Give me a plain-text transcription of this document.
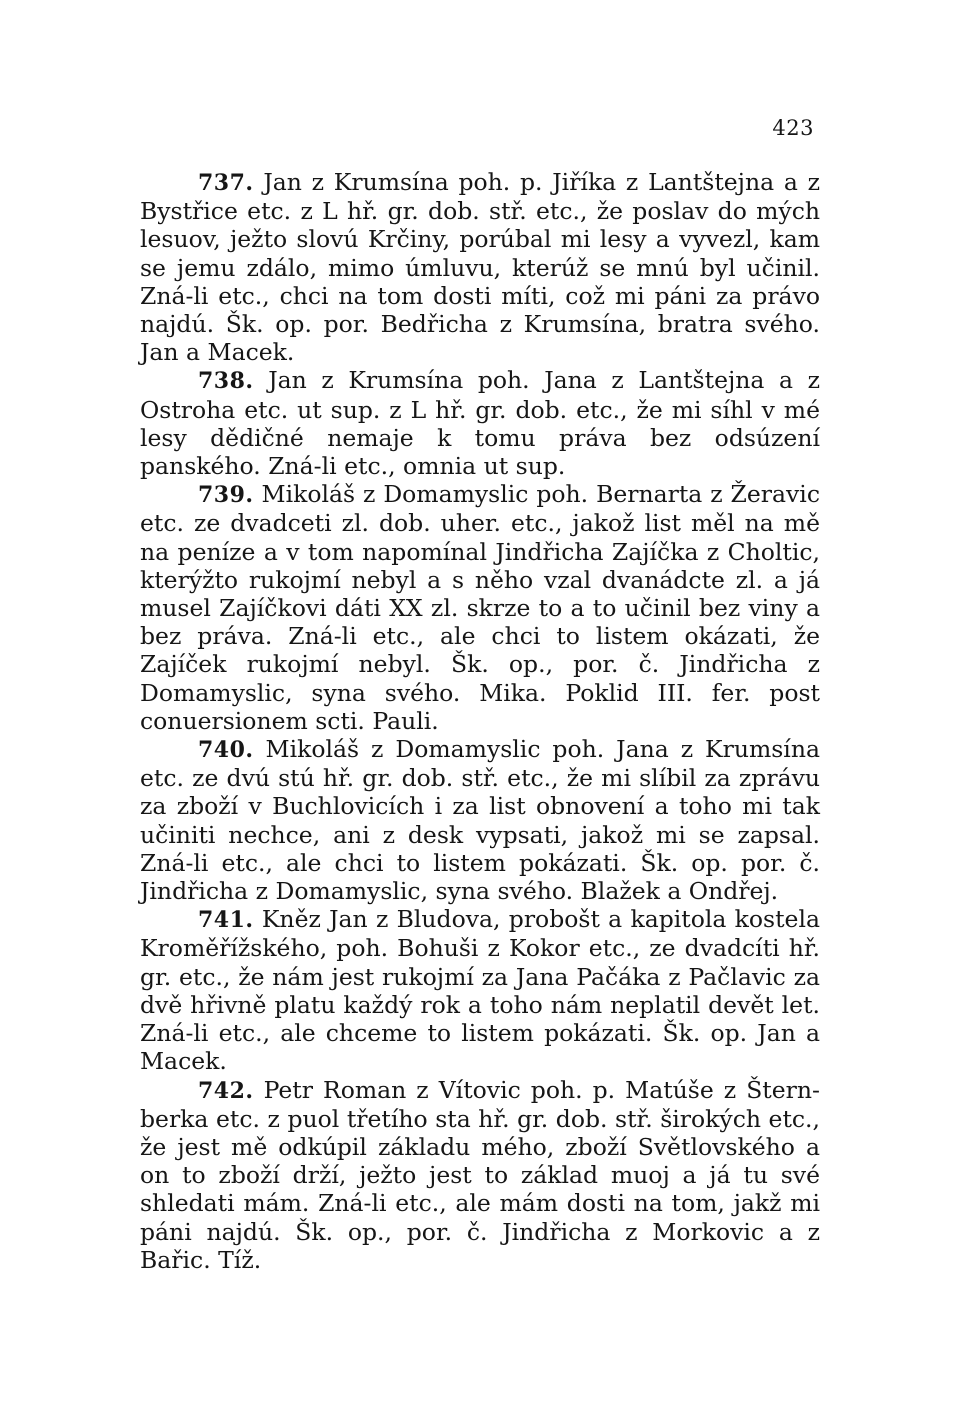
423

737. Jan z Krumsína poh. p. Jiříka z Lantštejna a z Bystřice etc. z L hř. gr. dob. stř. etc., že poslav do mých lesuov, ježto slovú Krčiny, porúbal mi lesy a vyvezl, kam se jemu zdálo, mimo úmluvu, kterúž se mnú byl učinil. Zná-li etc., chci na tom dosti míti, což mi páni za právo najdú. Šk. op. por. Bedřicha z Krumsína, bratra svého. Jan a Macek.

738. Jan z Krumsína poh. Jana z Lantštejna a z Ostroha etc. ut sup. z L hř. gr. dob. etc., že mi síhl v mé lesy dědičné nemaje k tomu práva bez odsúzení panského. Zná-li etc., omnia ut sup.

739. Mikoláš z Domamyslic poh. Bernarta z Žeravic etc. ze dvadceti zl. dob. uher. etc., jakož list měl na mě na peníze a v tom napomínal Jindřicha Zajíčka z Choltic, kterýžto rukojmí nebyl a s něho vzal dvanádcte zl. a já musel Zajíčkovi dáti XX zl. skrze to a to učinil bez viny a bez práva. Zná-li etc., ale chci to listem okázati, že Zajíček rukojmí nebyl. Šk. op., por. č. Jindřicha z Domamyslic, syna svého. Mika. Poklid III. fer. post conuersionem scti. Pauli.

740. Mikoláš z Domamyslic poh. Jana z Krumsína etc. ze dvú stú hř. gr. dob. stř. etc., že mi slíbil za zprávu za zboží v Buchlovicích i za list obnovení a toho mi tak učiniti nechce, ani z desk vypsati, jakož mi se zapsal. Zná-li etc., ale chci to listem pokázati. Šk. op. por. č. Jindřicha z Domamyslic, syna svého. Blažek a Ondřej.

741. Kněz Jan z Bludova, probošt a kapitola kostela Kroměřížského, poh. Bohuši z Kokor etc., ze dvadcíti hř. gr. etc., že nám jest rukojmí za Jana Pačáka z Pačlavic za dvě hřivně platu každý rok a toho nám neplatil devět let. Zná-li etc., ale chceme to listem pokázati. Šk. op. Jan a Macek.

742. Petr Roman z Vítovic poh. p. Matúše z Šternberka etc. z puol třetího sta hř. gr. dob. stř. širokých etc., že jest mě odkúpil základu mého, zboží Světlovského a on to zboží drží, ježto jest to základ muoj a já tu své shledati mám. Zná-li etc., ale mám dosti na tom, jakž mi páni najdú. Šk. op., por. č. Jindřicha z Morkovic a z Bařic. Tíž.
